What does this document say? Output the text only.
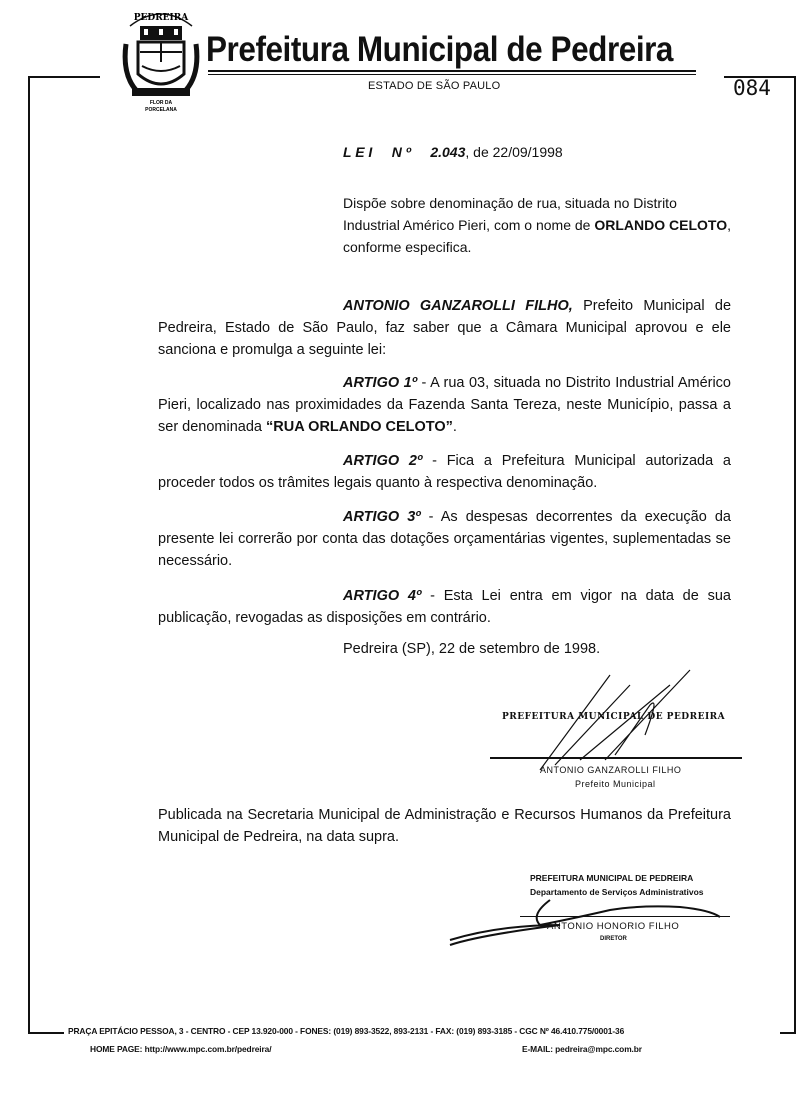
PEDREIRA
FLOR DA
PORCELANA
Prefeitura Municipal de Pedreira
ESTADO DE SÃO PAULO	084
L E I N º 2.043, de 22/09/1998
Dispõe sobre denominação de rua, situada no Distrito Industrial Américo Pieri, com o nome de ORLANDO CELOTO, conforme especifica.
ANTONIO GANZAROLLI FILHO, Prefeito Municipal de Pedreira, Estado de São Paulo, faz saber que a Câmara Municipal aprovou e ele sanciona e promulga a seguinte lei:
ARTIGO 1º - A rua 03, situada no Distrito Industrial Américo Pieri, localizado nas proximidades da Fazenda Santa Tereza, neste Município, passa a ser denominada “RUA ORLANDO CELOTO”.
ARTIGO 2º - Fica a Prefeitura Municipal autorizada a proceder todos os trâmites legais quanto à respectiva denominação.
ARTIGO 3º - As despesas decorrentes da execução da presente lei correrão por conta das dotações orçamentárias vigentes, suplementadas se necessário.
ARTIGO 4º - Esta Lei entra em vigor na data de sua publicação, revogadas as disposições em contrário.
Pedreira (SP), 22 de setembro de 1998.
PREFEITURA MUNICIPAL DE PEDREIRA
ANTONIO GANZAROLLI FILHO
Prefeito Municipal
Publicada na Secretaria Municipal de Administração e Recursos Humanos da Prefeitura Municipal de Pedreira, na data supra.
PREFEITURA MUNICIPAL DE PEDREIRA
Departamento de Serviços Administrativos
ANTONIO HONORIO FILHO
DIRETOR
PRAÇA EPITÁCIO PESSOA, 3 - CENTRO - CEP 13.920-000 - FONES: (019) 893-3522, 893-2131 - FAX: (019) 893-3185 - CGC Nº 46.410.775/0001-36
HOME PAGE: http://www.mpc.com.br/pedreira/	E-MAIL: pedreira@mpc.com.br
